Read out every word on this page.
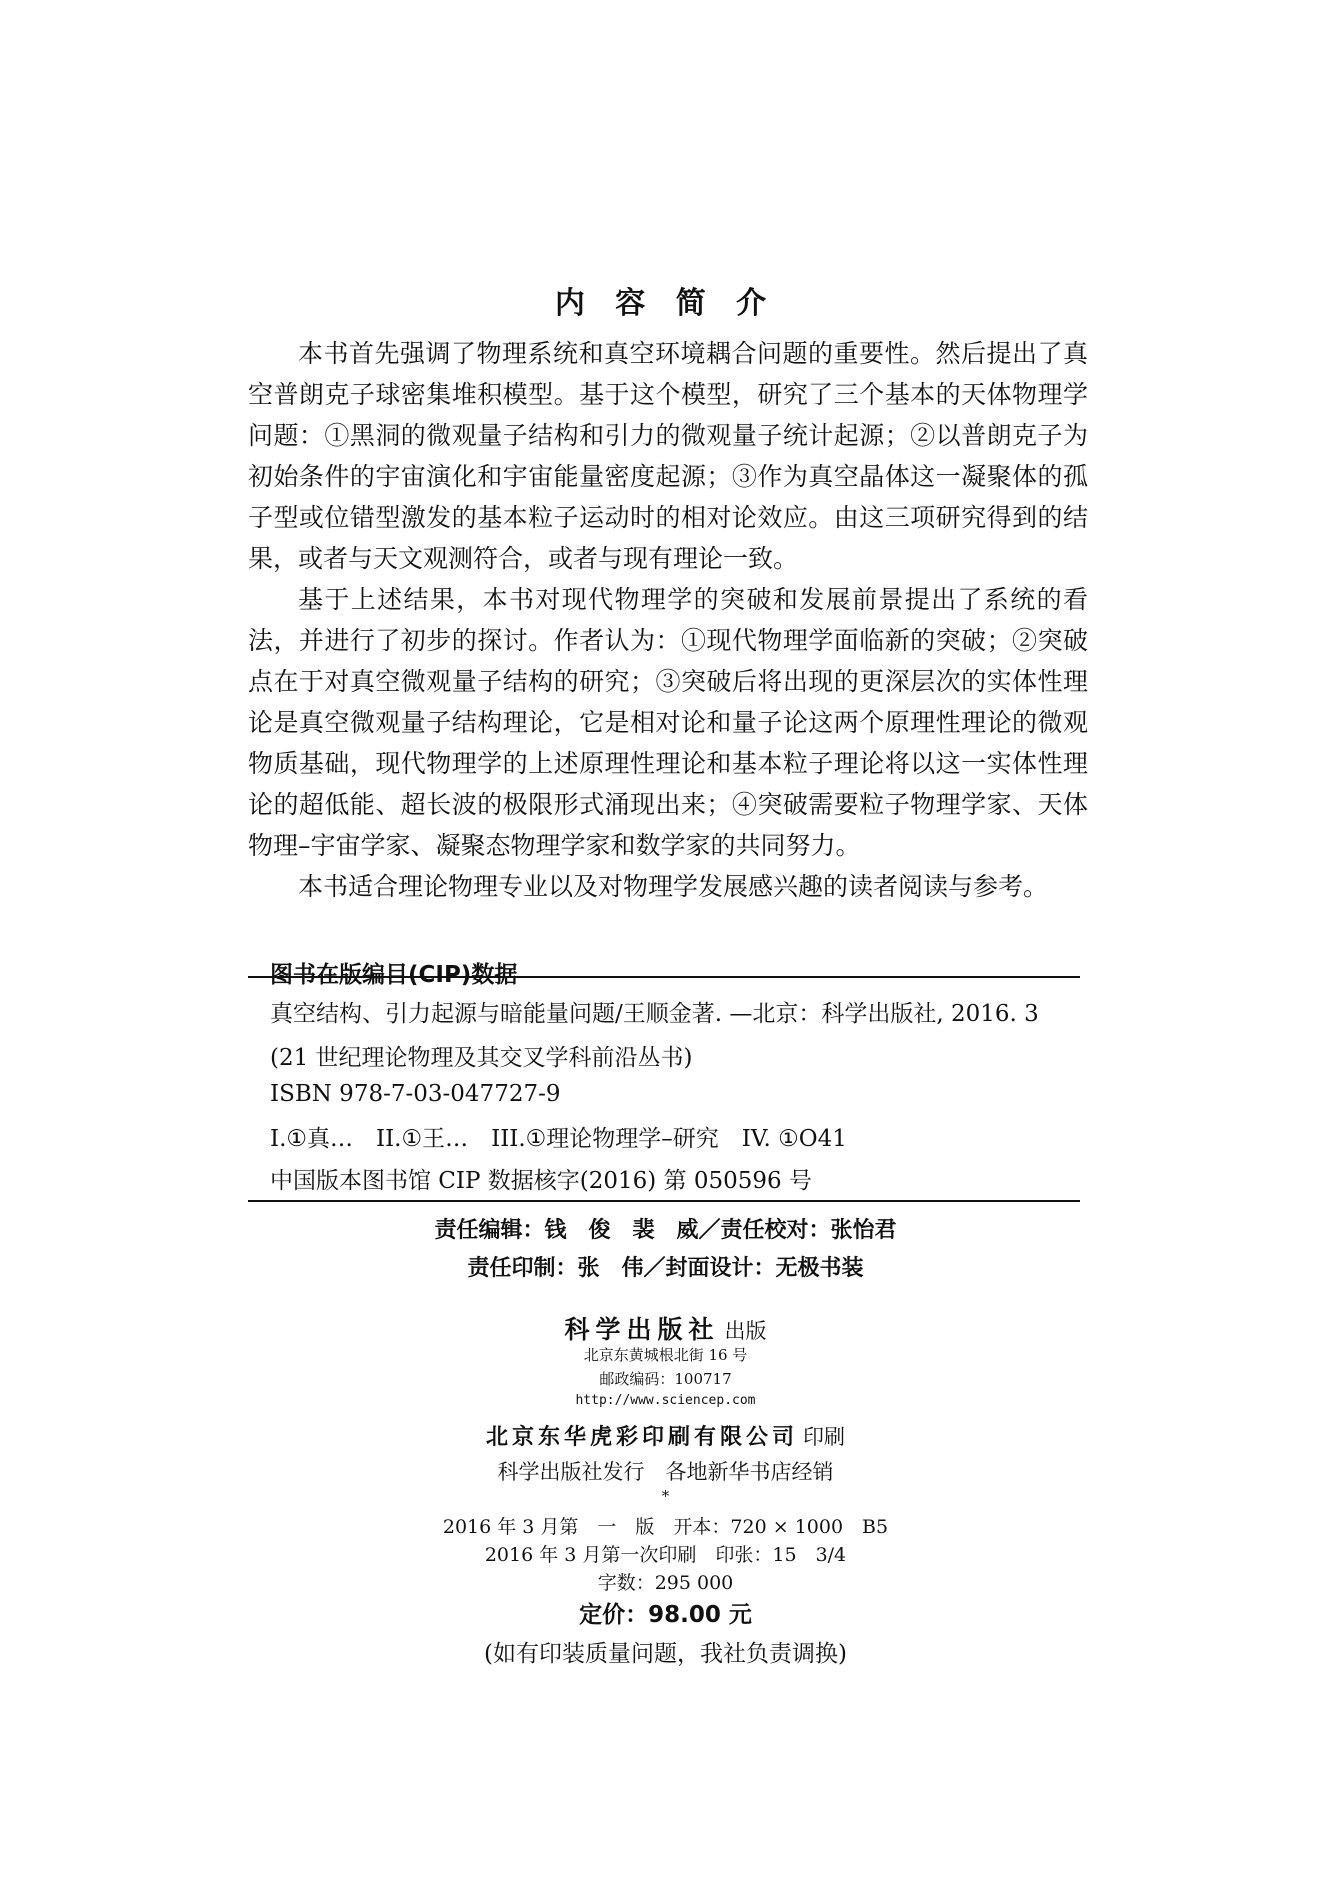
内 容 简 介

本书首先强调了物理系统和真空环境耦合问题的重要性。然后提出了真空普朗克子球密集堆积模型。基于这个模型，研究了三个基本的天体物理学问题：①黑洞的微观量子结构和引力的微观量子统计起源；②以普朗克子为初始条件的宇宙演化和宇宙能量密度起源；③作为真空晶体这一凝聚体的孤子型或位错型激发的基本粒子运动时的相对论效应。由这三项研究得到的结果，或者与天文观测符合，或者与现有理论一致。

基于上述结果，本书对现代物理学的突破和发展前景提出了系统的看法，并进行了初步的探讨。作者认为：①现代物理学面临新的突破；②突破点在于对真空微观量子结构的研究；③突破后将出现的更深层次的实体性理论是真空微观量子结构理论，它是相对论和量子论这两个原理性理论的微观物质基础，现代物理学的上述原理性理论和基本粒子理论将以这一实体性理论的超低能、超长波的极限形式涌现出来；④突破需要粒子物理学家、天体物理–宇宙学家、凝聚态物理学家和数学家的共同努力。

本书适合理论物理专业以及对物理学发展感兴趣的读者阅读与参考。

图书在版编目(CIP)数据
真空结构、引力起源与暗能量问题/王顺金著. —北京：科学出版社, 2016. 3
(21 世纪理论物理及其交叉学科前沿丛书)
ISBN 978-7-03-047727-9
I.①真…　II.①王…　III.①理论物理学–研究　IV. ①O41
中国版本图书馆 CIP 数据核字(2016) 第 050596 号
责任编辑：钱　俊　裴　威／责任校对：张怡君
责任印制：张　伟／封面设计：无极书装
科学出版社 出版
北京东黄城根北街 16 号
邮政编码：100717
http://www.sciencep.com
北京东华虎彩印刷有限公司 印刷
科学出版社发行　各地新华书店经销
*
2016 年 3 月第　一　版　开本：720 × 1000　B5
2016 年 3 月第一次印刷　印张：15　3/4
字数：295 000
定价：98.00 元
(如有印装质量问题，我社负责调换)
